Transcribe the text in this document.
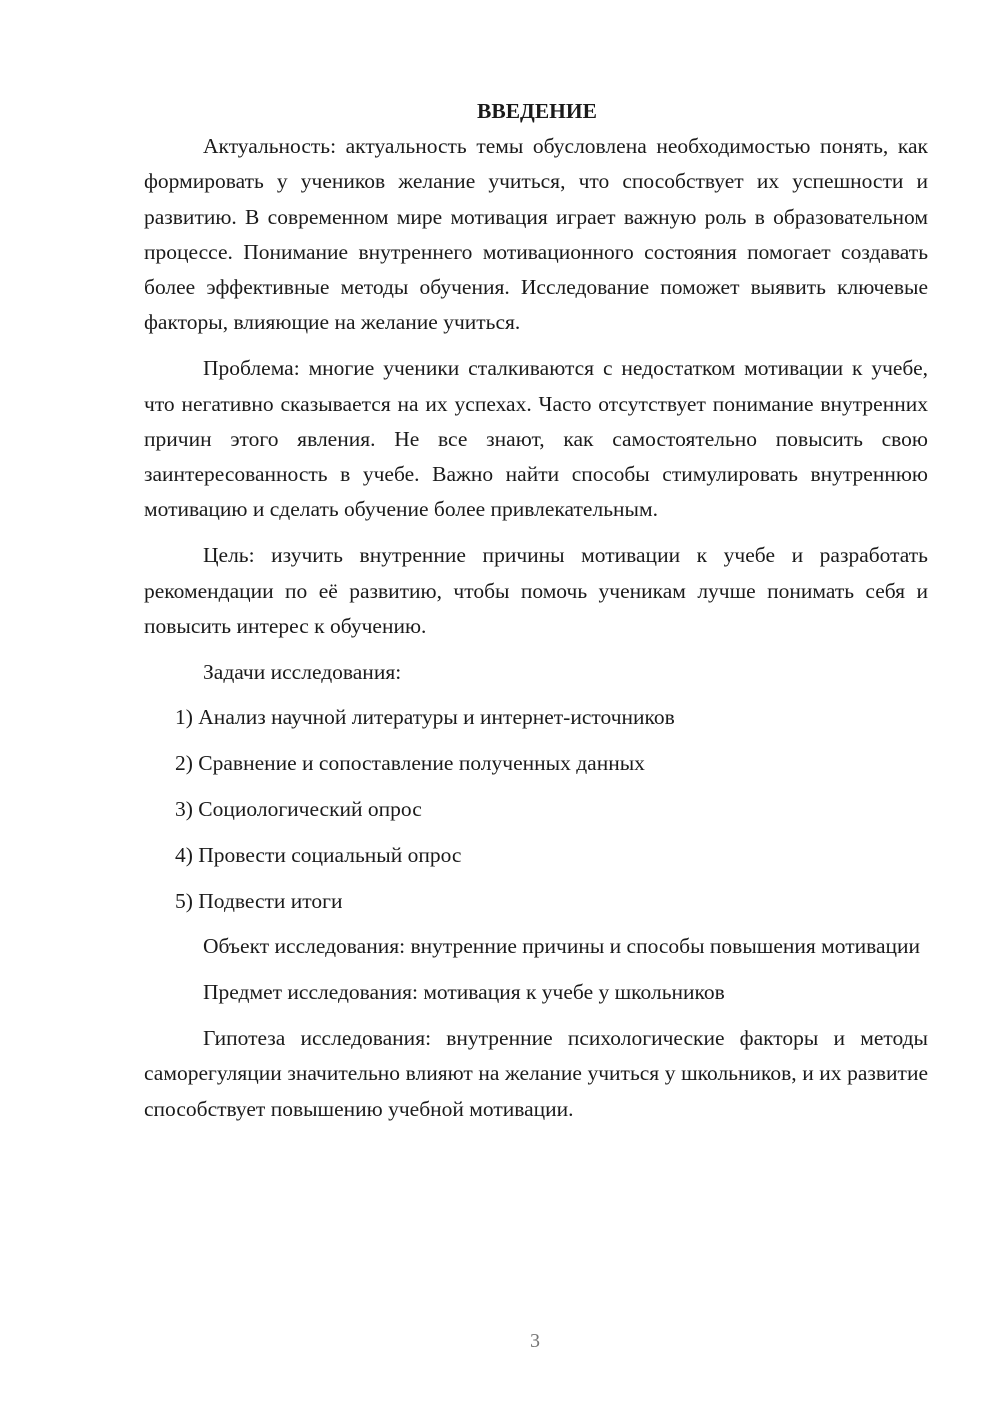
ВВЕДЕНИЕ

Актуальность: актуальность темы обусловлена необходимостью понять, как формировать у учеников желание учиться, что способствует их успешности и развитию. В современном мире мотивация играет важную роль в образовательном процессе. Понимание внутреннего мотивационного состояния помогает создавать более эффективные методы обучения. Исследование поможет выявить ключевые факторы, влияющие на желание учиться.

Проблема: многие ученики сталкиваются с недостатком мотивации к учебе, что негативно сказывается на их успехах. Часто отсутствует понимание внутренних причин этого явления. Не все знают, как самостоятельно повысить свою заинтересованность в учебе. Важно найти способы стимулировать внутреннюю мотивацию и сделать обучение более привлекательным.

Цель: изучить внутренние причины мотивации к учебе и разработать рекомендации по её развитию, чтобы помочь ученикам лучше понимать себя и повысить интерес к обучению.

Задачи исследования:

1) Анализ научной литературы и интернет-источников

2) Сравнение и сопоставление полученных данных

3) Социологический опрос

4) Провести социальный опрос

5) Подвести итоги

Объект исследования: внутренние причины и способы повышения мотивации

Предмет исследования: мотивация к учебе у школьников

Гипотеза исследования: внутренние психологические факторы и методы саморегуляции значительно влияют на желание учиться у школьников, и их развитие способствует повышению учебной мотивации.

3
